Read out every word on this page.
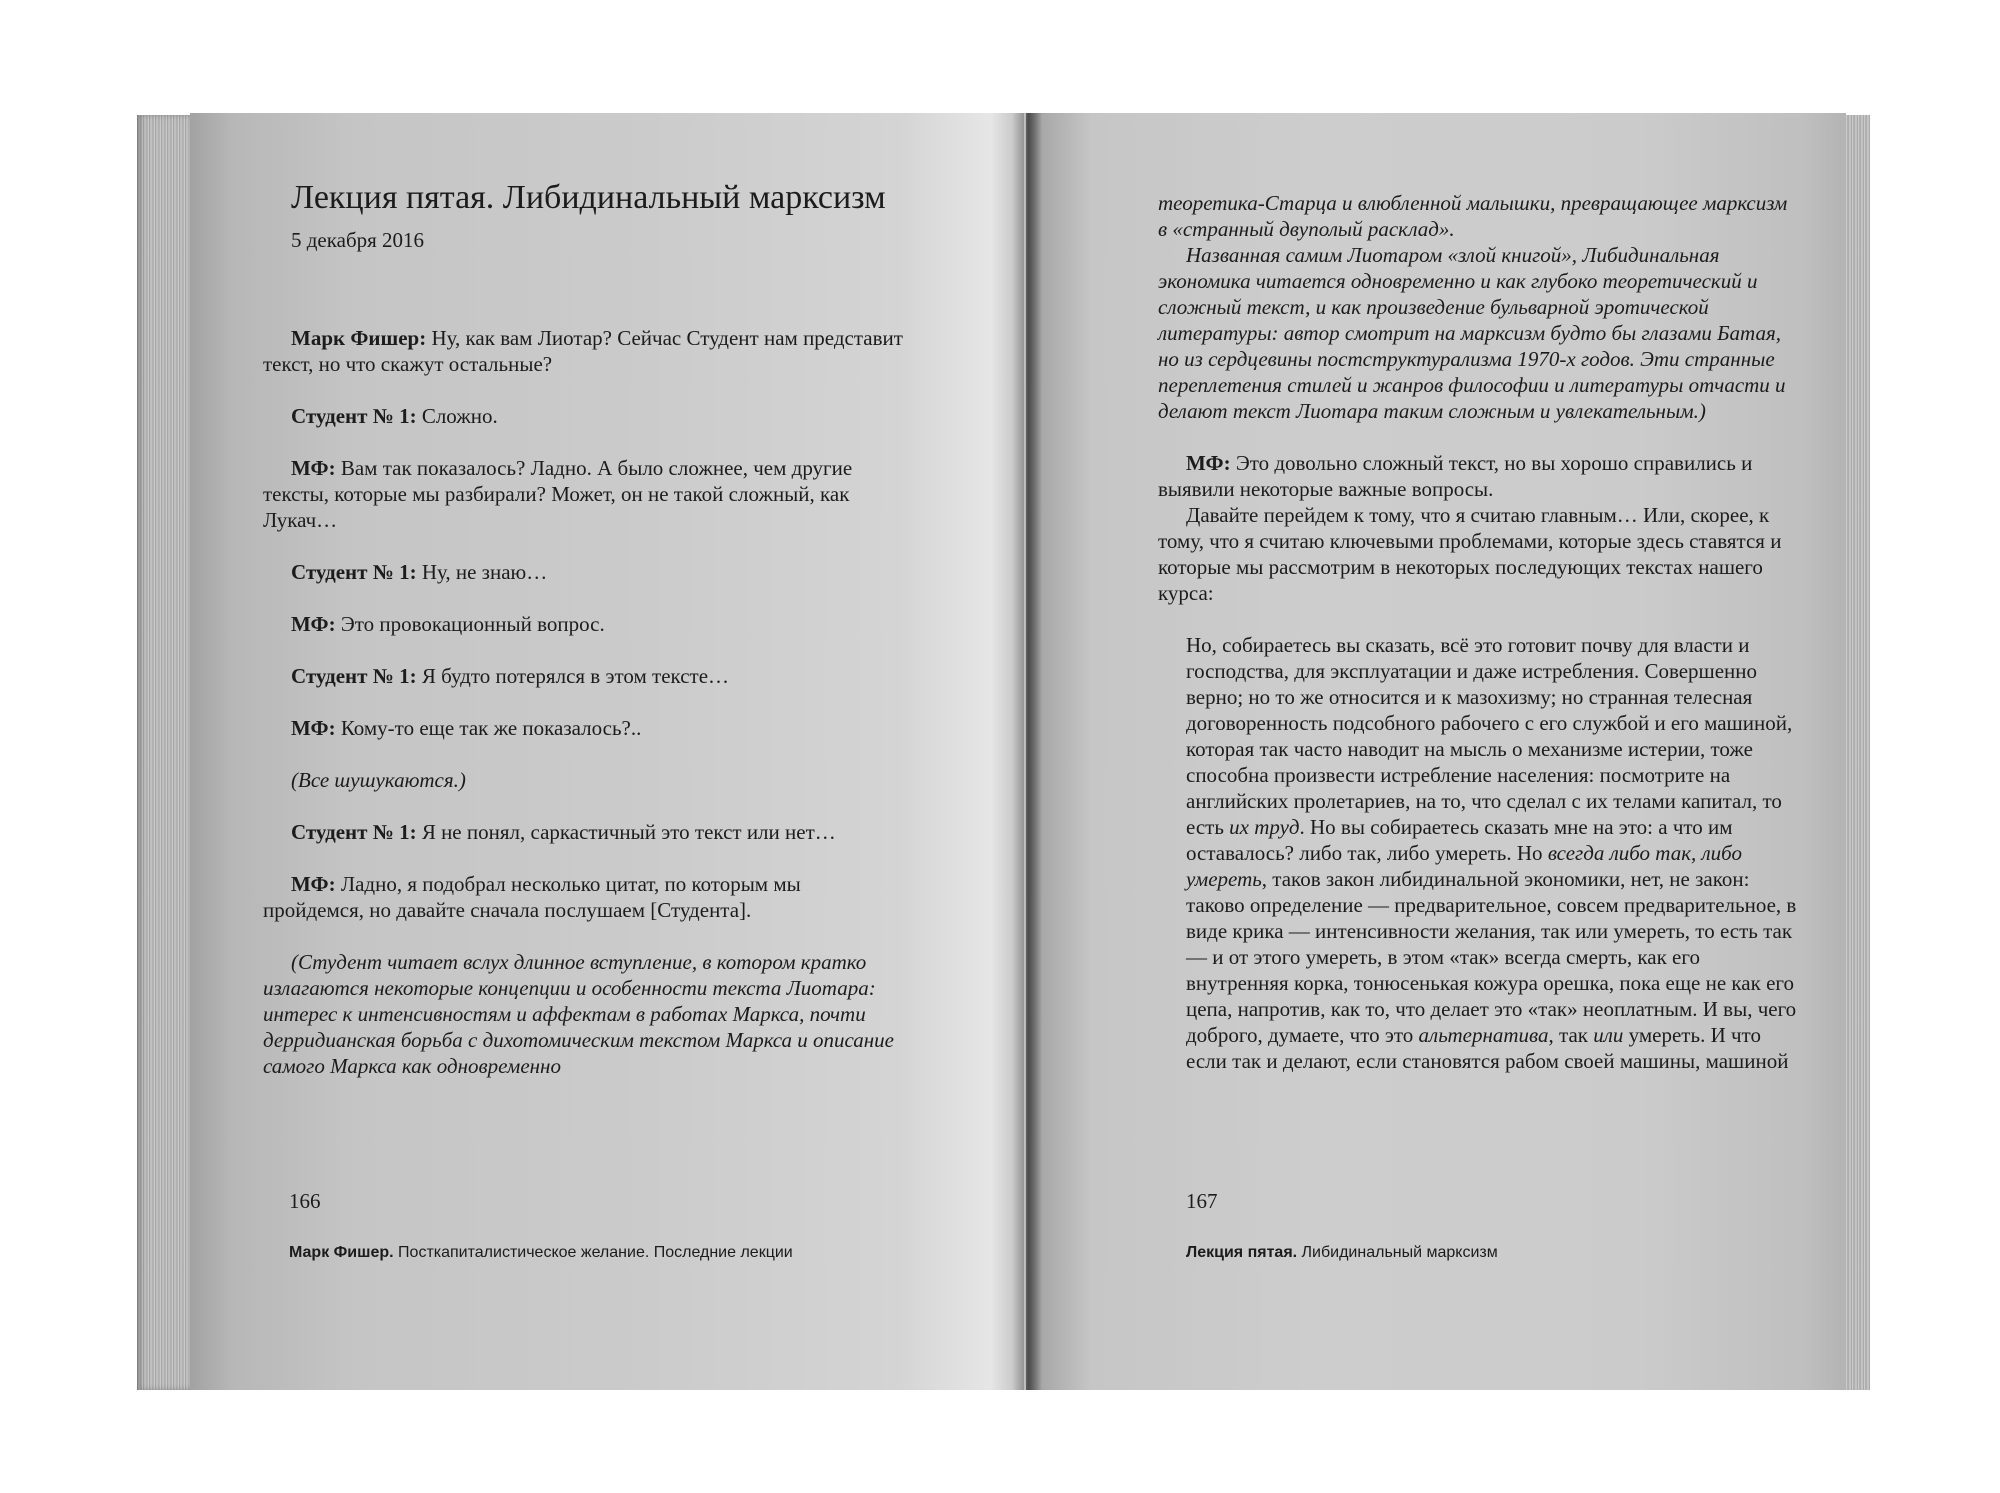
Лекция пятая. Либидинальный марксизм
5 декабря 2016

Марк Фишер: Ну, как вам Лиотар? Сейчас Студент нам представит текст, но что скажут остальные?

Студент № 1: Сложно.

МФ: Вам так показалось? Ладно. А было сложнее, чем другие тексты, которые мы разбирали? Может, он не такой сложный, как Лукач…

Студент № 1: Ну, не знаю…

МФ: Это провокационный вопрос.

Студент № 1: Я будто потерялся в этом тексте…

МФ: Кому-то еще так же показалось?..

(Все шушукаются.)

Студент № 1: Я не понял, саркастичный это текст или нет…

МФ: Ладно, я подобрал несколько цитат, по которым мы пройдемся, но давайте сначала послушаем [Студента].

(Студент читает вслух длинное вступление, в котором кратко излагаются некоторые концепции и особенности текста Лиотара: интерес к интенсивностям и аффектам в работах Маркса, почти дерридианская борьба с дихотомическим текстом Маркса и описание самого Маркса как одновременно

166
Марк Фишер. Посткапиталистическое желание. Последние лекции

теоретика-Старца и влюбленной малышки, превращающее марксизм в «странный двуполый расклад».

Названная самим Лиотаром «злой книгой», Либидинальная экономика читается одновременно и как глубоко теоретический и сложный текст, и как произведение бульварной эротической литературы: автор смотрит на марксизм будто бы глазами Батая, но из сердцевины постструктурализма 1970-х годов. Эти странные переплетения стилей и жанров философии и литературы отчасти и делают текст Лиотара таким сложным и увлекательным.)

МФ: Это довольно сложный текст, но вы хорошо справились и выявили некоторые важные вопросы.

Давайте перейдем к тому, что я считаю главным… Или, скорее, к тому, что я считаю ключевыми проблемами, которые здесь ставятся и которые мы рассмотрим в некоторых последующих текстах нашего курса:

Но, собираетесь вы сказать, всё это готовит почву для власти и господства, для эксплуатации и даже истребления. Совершенно верно; но то же относится и к мазохизму; но странная телесная договоренность подсобного рабочего с его службой и его машиной, которая так часто наводит на мысль о механизме истерии, тоже способна произвести истребление населения: посмотрите на английских пролетариев, на то, что сделал с их телами капитал, то есть их труд. Но вы собираетесь сказать мне на это: а что им оставалось? либо так, либо умереть. Но всегда либо так, либо умереть, таков закон либидинальной экономики, нет, не закон: таково определение — предварительное, совсем предварительное, в виде крика — интенсивности желания, так или умереть, то есть так — и от этого умереть, в этом «так» всегда смерть, как его внутренняя корка, тонюсенькая кожура орешка, пока еще не как его цепа, напротив, как то, что делает это «так» неоплатным. И вы, чего доброго, думаете, что это альтернатива, так или умереть. И что если так и делают, если становятся рабом своей машины, машиной

167
Лекция пятая. Либидинальный марксизм
